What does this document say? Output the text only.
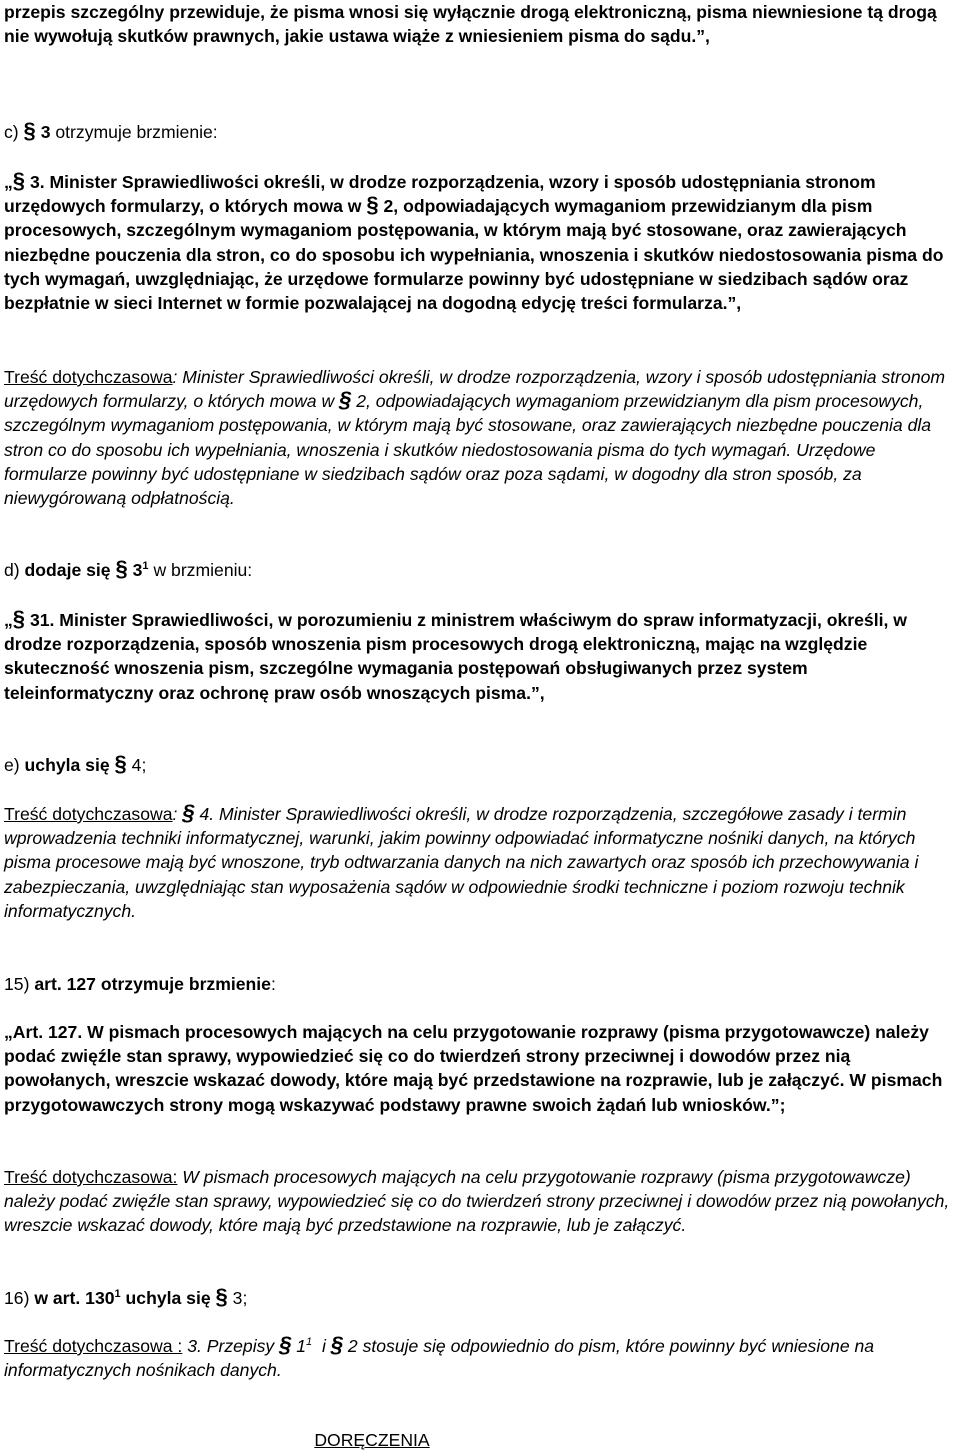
przepis szczególny przewiduje, że pisma wnosi się wyłącznie drogą elektroniczną, pisma niewniesione tą drogą nie wywołują skutków prawnych, jakie ustawa wiąże z wniesieniem pisma do sądu.”,

c) § 3 otrzymuje brzmienie:

„§ 3. Minister Sprawiedliwości określi, w drodze rozporządzenia, wzory i sposób udostępniania stronom urzędowych formularzy, o których mowa w § 2, odpowiadających wymaganiom przewidzianym dla pism procesowych, szczególnym wymaganiom postępowania, w którym mają być stosowane, oraz zawierających niezbędne pouczenia dla stron, co do sposobu ich wypełniania, wnoszenia i skutków niedostosowania pisma do tych wymagań, uwzględniając, że urzędowe formularze powinny być udostępniane w siedzibach sądów oraz bezpłatnie w sieci Internet w formie pozwalającej na dogodną edycję treści formularza.”,

Treść dotychczasowa: Minister Sprawiedliwości określi, w drodze rozporządzenia, wzory i sposób udostępniania stronom urzędowych formularzy, o których mowa w § 2, odpowiadających wymaganiom przewidzianym dla pism procesowych, szczególnym wymaganiom postępowania, w którym mają być stosowane, oraz zawierających niezbędne pouczenia dla stron co do sposobu ich wypełniania, wnoszenia i skutków niedostosowania pisma do tych wymagań. Urzędowe formularze powinny być udostępniane w siedzibach sądów oraz poza sądami, w dogodny dla stron sposób, za niewygórowaną odpłatnością.

d) dodaje się § $3^1$ w brzmieniu:

„§ 31. Minister Sprawiedliwości, w porozumieniu z ministrem właściwym do spraw informatyzacji, określi, w drodze rozporządzenia, sposób wnoszenia pism procesowych drogą elektroniczną, mając na względzie skuteczność wnoszenia pism, szczególne wymagania postępowań obsługiwanych przez system teleinformatyczny oraz ochronę praw osób wnoszących pisma.”,

e) uchyla się § 4;

Treść dotychczasowa: § 4. Minister Sprawiedliwości określi, w drodze rozporządzenia, szczegółowe zasady i termin wprowadzenia techniki informatycznej, warunki, jakim powinny odpowiadać informatyczne nośniki danych, na których pisma procesowe mają być wnoszone, tryb odtwarzania danych na nich zawartych oraz sposób ich przechowywania i zabezpieczania, uwzględniając stan wyposażenia sądów w odpowiednie środki techniczne i poziom rozwoju technik informatycznych.

15) art. 127 otrzymuje brzmienie:

„Art. 127. W pismach procesowych mających na celu przygotowanie rozprawy (pisma przygotowawcze) należy podać zwięźle stan sprawy, wypowiedzieć się co do twierdzeń strony przeciwnej i dowodów przez nią powołanych, wreszcie wskazać dowody, które mają być przedstawione na rozprawie, lub je załączyć. W pismach przygotowawczych strony mogą wskazywać podstawy prawne swoich żądań lub wniosków.”;

Treść dotychczasowa: W pismach procesowych mających na celu przygotowanie rozprawy (pisma przygotowawcze) należy podać zwięźle stan sprawy, wypowiedzieć się co do twierdzeń strony przeciwnej i dowodów przez nią powołanych, wreszcie wskazać dowody, które mają być przedstawione na rozprawie, lub je załączyć.

16) w art. $130^1$ uchyla się § 3;

Treść dotychczasowa : 3. Przepisy § $1^1$ i § 2 stosuje się odpowiednio do pism, które powinny być wniesione na informatycznych nośnikach danych.

DORĘCZENIA
